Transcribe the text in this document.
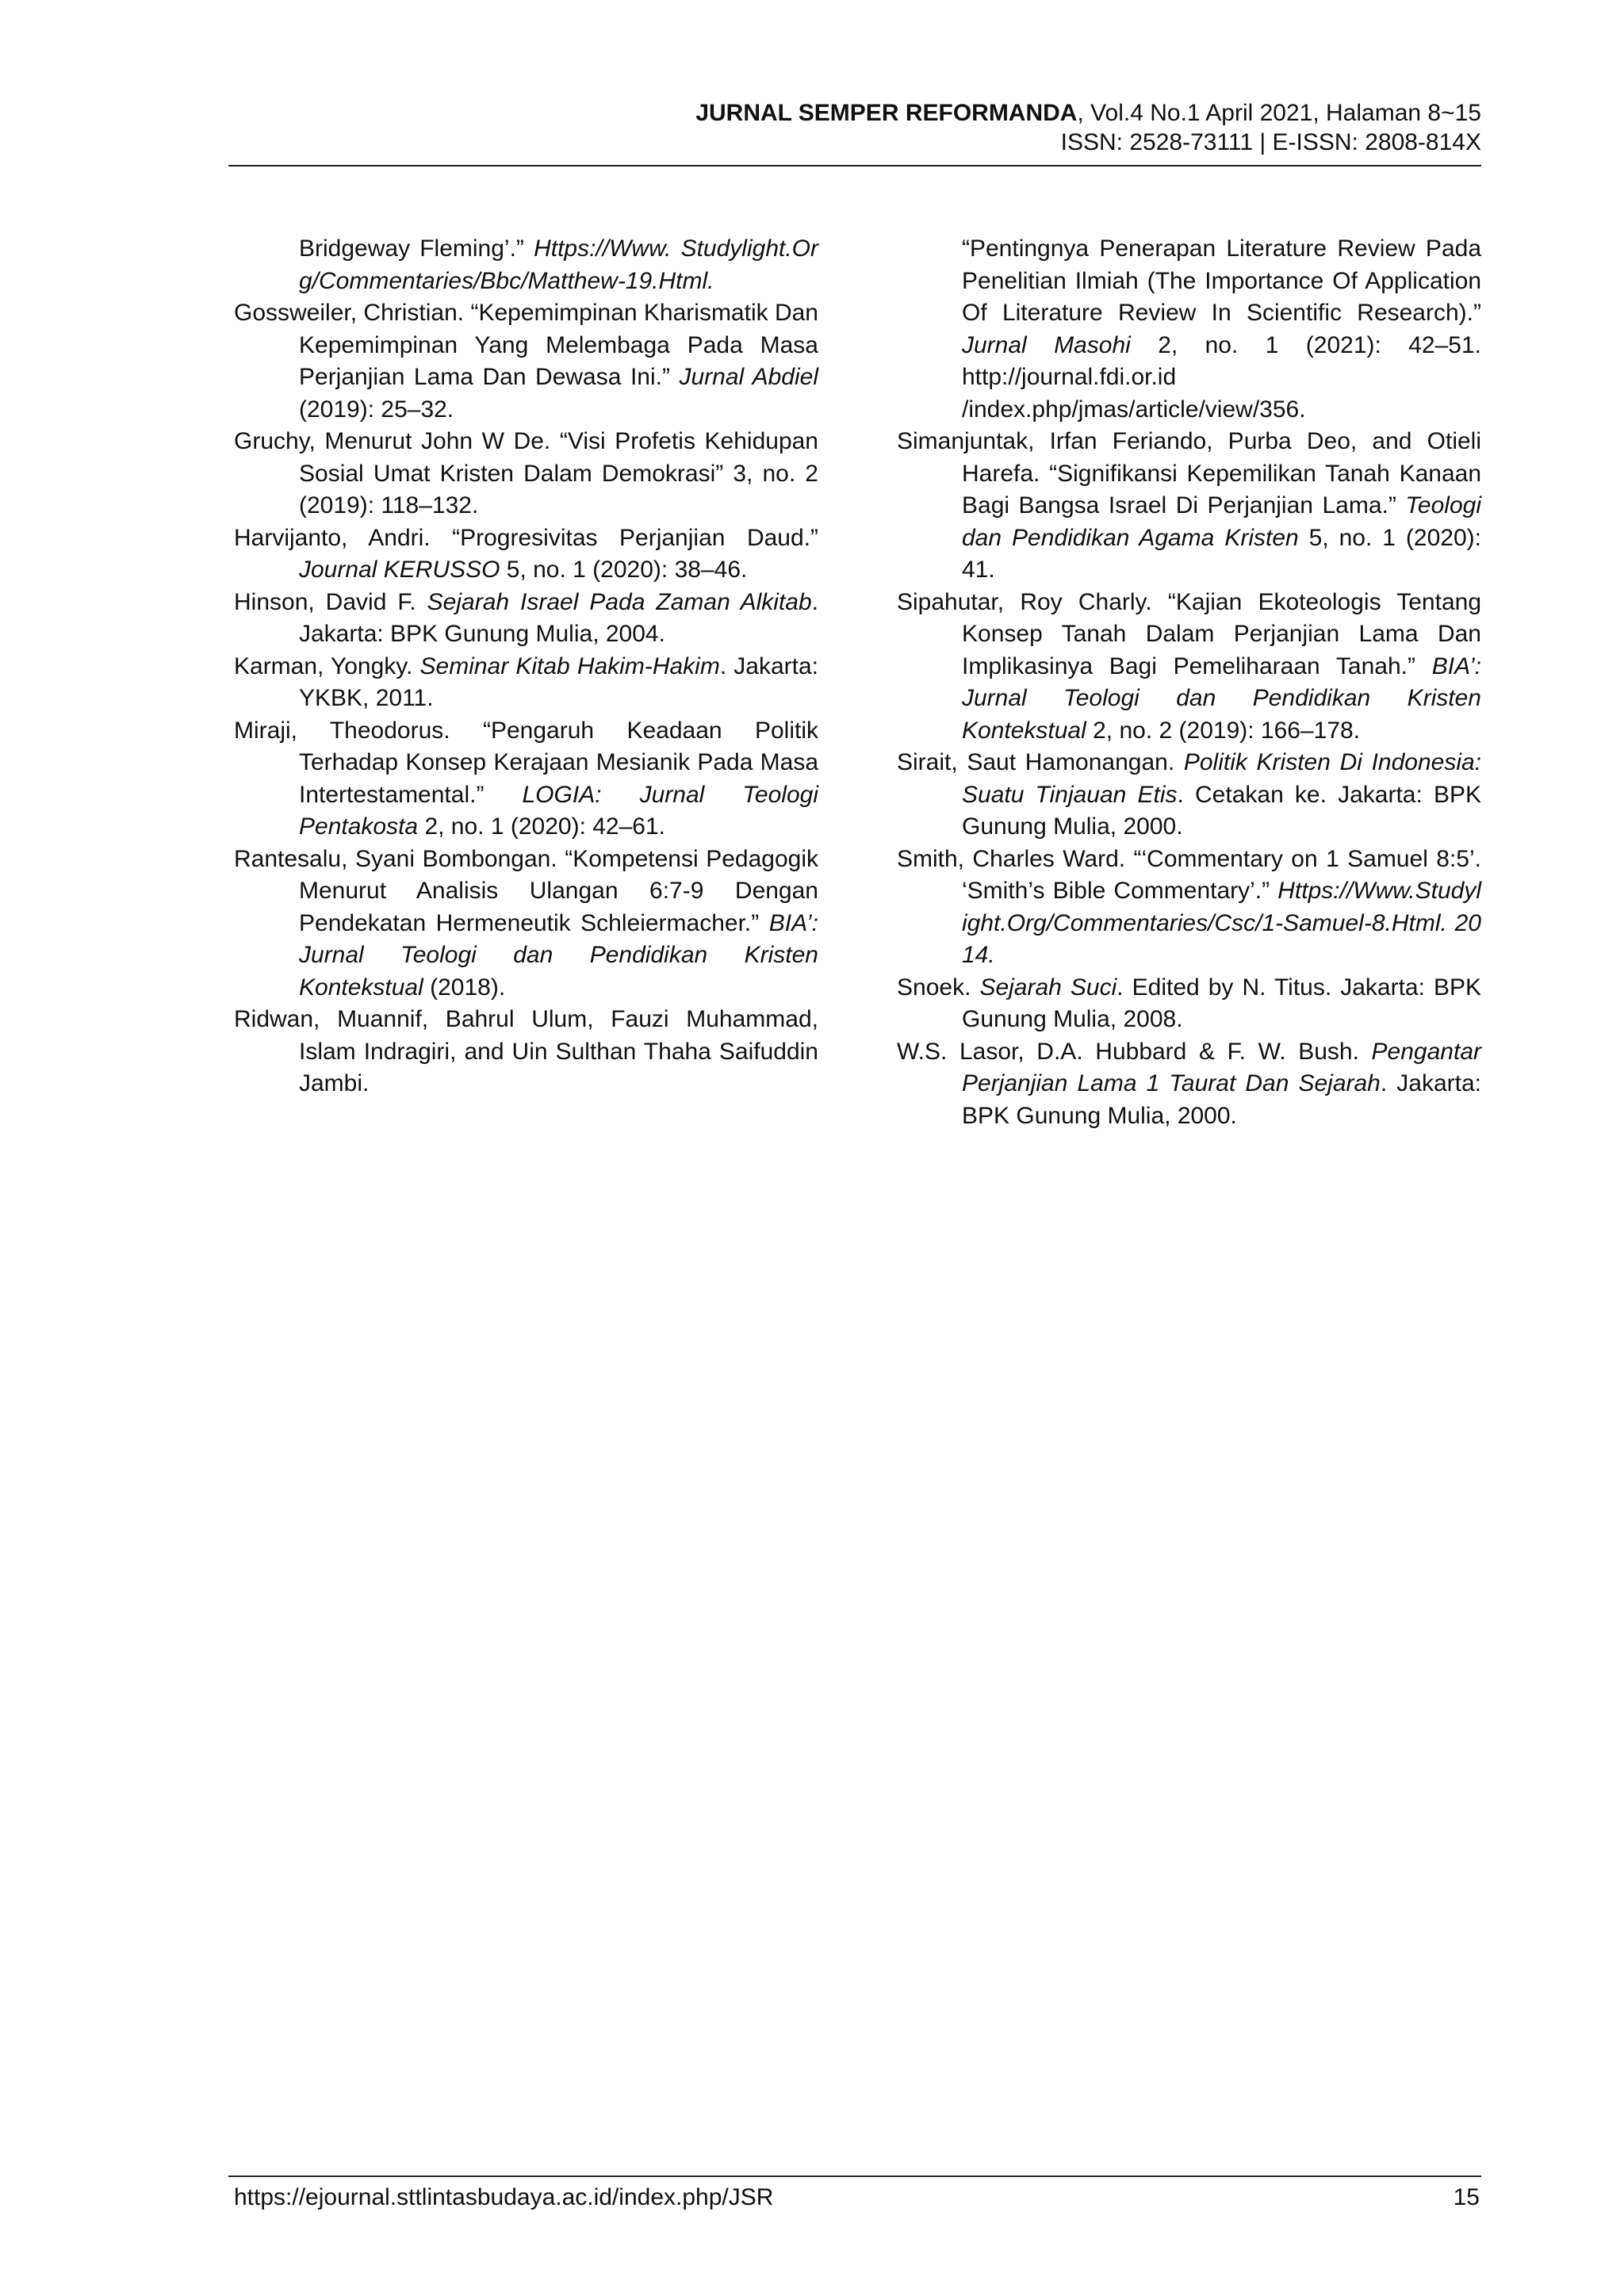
JURNAL SEMPER REFORMANDA, Vol.4 No.1 April 2021, Halaman 8~15
ISSN: 2528-73111 | E-ISSN: 2808-814X

Bridgeway Fleming’.” Https://Www. Studylight.Org/Commentaries/Bbc/Matthew-19.Html.

Gossweiler, Christian. “Kepemimpinan Kharismatik Dan Kepemimpinan Yang Melembaga Pada Masa Perjanjian Lama Dan Dewasa Ini.” Jurnal Abdiel (2019): 25–32.

Gruchy, Menurut John W De. “Visi Profetis Kehidupan Sosial Umat Kristen Dalam Demokrasi” 3, no. 2 (2019): 118–132.

Harvijanto, Andri. “Progresivitas Perjanjian Daud.” Journal KERUSSO 5, no. 1 (2020): 38–46.

Hinson, David F. Sejarah Israel Pada Zaman Alkitab. Jakarta: BPK Gunung Mulia, 2004.

Karman, Yongky. Seminar Kitab Hakim-Hakim. Jakarta: YKBK, 2011.

Miraji, Theodorus. “Pengaruh Keadaan Politik Terhadap Konsep Kerajaan Mesianik Pada Masa Intertestamental.” LOGIA: Jurnal Teologi Pentakosta 2, no. 1 (2020): 42–61.

Rantesalu, Syani Bombongan. “Kompetensi Pedagogik Menurut Analisis Ulangan 6:7-9 Dengan Pendekatan Hermeneutik Schleiermacher.” BIA’: Jurnal Teologi dan Pendidikan Kristen Kontekstual (2018).

Ridwan, Muannif, Bahrul Ulum, Fauzi Muhammad, Islam Indragiri, and Uin Sulthan Thaha Saifuddin Jambi.

“Pentingnya Penerapan Literature Review Pada Penelitian Ilmiah (The Importance Of Application Of Literature Review In Scientific Research).” Jurnal Masohi 2, no. 1 (2021): 42–51. http://journal.fdi.or.id /index.php/jmas/article/view/356.

Simanjuntak, Irfan Feriando, Purba Deo, and Otieli Harefa. “Signifikansi Kepemilikan Tanah Kanaan Bagi Bangsa Israel Di Perjanjian Lama.” Teologi dan Pendidikan Agama Kristen 5, no. 1 (2020): 41.

Sipahutar, Roy Charly. “Kajian Ekoteologis Tentang Konsep Tanah Dalam Perjanjian Lama Dan Implikasinya Bagi Pemeliharaan Tanah.” BIA’: Jurnal Teologi dan Pendidikan Kristen Kontekstual 2, no. 2 (2019): 166–178.

Sirait, Saut Hamonangan. Politik Kristen Di Indonesia: Suatu Tinjauan Etis. Cetakan ke. Jakarta: BPK Gunung Mulia, 2000.

Smith, Charles Ward. “‘Commentary on 1 Samuel 8:5’. ‘Smith’s Bible Commentary’.” Https://Www.Studylight.Org/Commentaries/Csc/1-Samuel-8.Html. 2014.

Snoek. Sejarah Suci. Edited by N. Titus. Jakarta: BPK Gunung Mulia, 2008.

W.S. Lasor, D.A. Hubbard & F. W. Bush. Pengantar Perjanjian Lama 1 Taurat Dan Sejarah. Jakarta: BPK Gunung Mulia, 2000.

https://ejournal.sttlintasbudaya.ac.id/index.php/JSR	15
